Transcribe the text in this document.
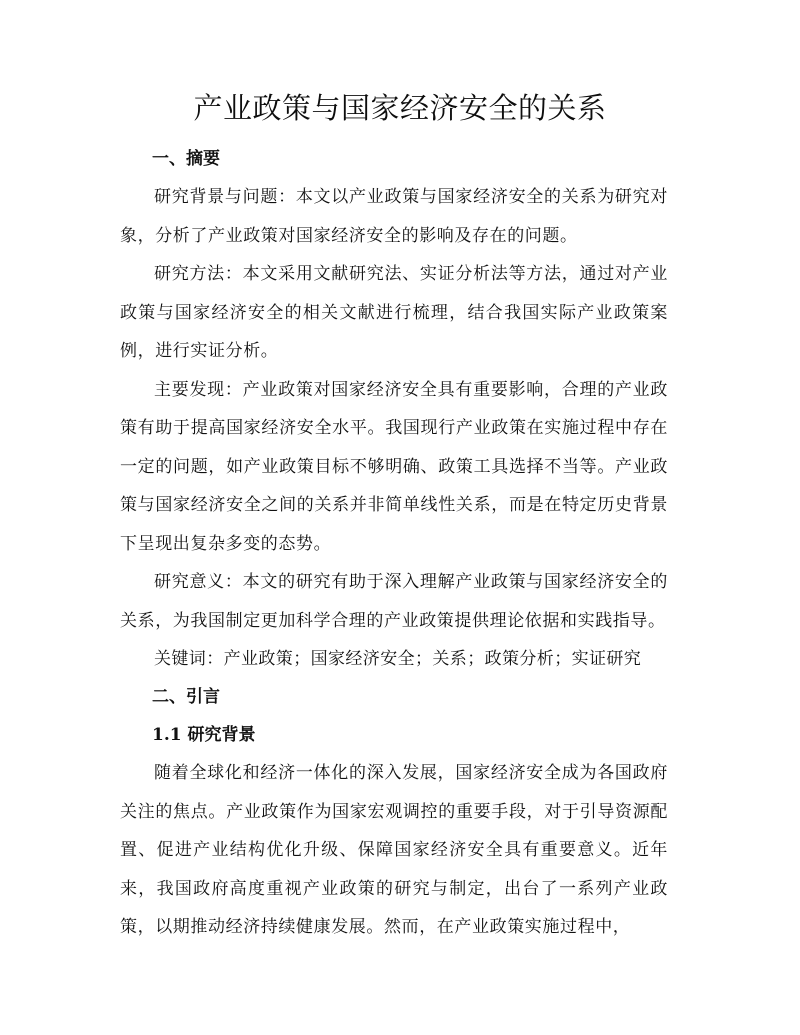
产业政策与国家经济安全的关系
一、摘要

研究背景与问题：本文以产业政策与国家经济安全的关系为研究对象，分析了产业政策对国家经济安全的影响及存在的问题。

研究方法：本文采用文献研究法、实证分析法等方法，通过对产业政策与国家经济安全的相关文献进行梳理，结合我国实际产业政策案例，进行实证分析。

主要发现：产业政策对国家经济安全具有重要影响，合理的产业政策有助于提高国家经济安全水平。我国现行产业政策在实施过程中存在一定的问题，如产业政策目标不够明确、政策工具选择不当等。产业政策与国家经济安全之间的关系并非简单线性关系，而是在特定历史背景下呈现出复杂多变的态势。

研究意义：本文的研究有助于深入理解产业政策与国家经济安全的关系，为我国制定更加科学合理的产业政策提供理论依据和实践指导。

关键词：产业政策；国家经济安全；关系；政策分析；实证研究

二、引言
1.1 研究背景

随着全球化和经济一体化的深入发展，国家经济安全成为各国政府关注的焦点。产业政策作为国家宏观调控的重要手段，对于引导资源配置、促进产业结构优化升级、保障国家经济安全具有重要意义。近年来，我国政府高度重视产业政策的研究与制定，出台了一系列产业政策，以期推动经济持续健康发展。然而，在产业政策实施过程中，
